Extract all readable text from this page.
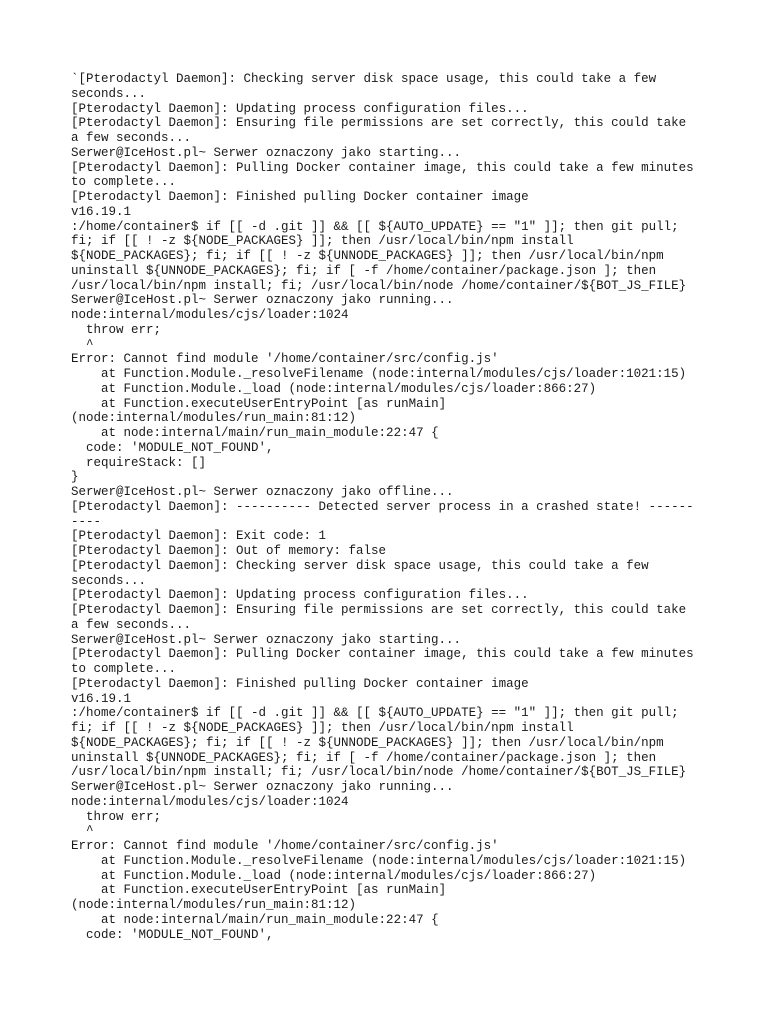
`[Pterodactyl Daemon]: Checking server disk space usage, this could take a few seconds...
[Pterodactyl Daemon]: Updating process configuration files...
[Pterodactyl Daemon]: Ensuring file permissions are set correctly, this could take a few seconds...
Serwer@IceHost.pl~ Serwer oznaczony jako starting...
[Pterodactyl Daemon]: Pulling Docker container image, this could take a few minutes to complete...
[Pterodactyl Daemon]: Finished pulling Docker container image
v16.19.1
:/home/container$ if [[ -d .git ]] && [[ ${AUTO_UPDATE} == "1" ]]; then git pull; fi; if [[ ! -z ${NODE_PACKAGES} ]]; then /usr/local/bin/npm install ${NODE_PACKAGES}; fi; if [[ ! -z ${UNNODE_PACKAGES} ]]; then /usr/local/bin/npm uninstall ${UNNODE_PACKAGES}; fi; if [ -f /home/container/package.json ]; then /usr/local/bin/npm install; fi; /usr/local/bin/node /home/container/${BOT_JS_FILE}
Serwer@IceHost.pl~ Serwer oznaczony jako running...
node:internal/modules/cjs/loader:1024
throw err;
^
Error: Cannot find module '/home/container/src/config.js'
at Function.Module._resolveFilename (node:internal/modules/cjs/loader:1021:15)
at Function.Module._load (node:internal/modules/cjs/loader:866:27)
at Function.executeUserEntryPoint [as runMain] (node:internal/modules/run_main:81:12)
at node:internal/main/run_main_module:22:47 {
code: 'MODULE_NOT_FOUND',
requireStack: []
}
Serwer@IceHost.pl~ Serwer oznaczony jako offline...
[Pterodactyl Daemon]: ---------- Detected server process in a crashed state! ----------
[Pterodactyl Daemon]: Exit code: 1
[Pterodactyl Daemon]: Out of memory: false
[Pterodactyl Daemon]: Checking server disk space usage, this could take a few seconds...
[Pterodactyl Daemon]: Updating process configuration files...
[Pterodactyl Daemon]: Ensuring file permissions are set correctly, this could take a few seconds...
Serwer@IceHost.pl~ Serwer oznaczony jako starting...
[Pterodactyl Daemon]: Pulling Docker container image, this could take a few minutes to complete...
[Pterodactyl Daemon]: Finished pulling Docker container image
v16.19.1
:/home/container$ if [[ -d .git ]] && [[ ${AUTO_UPDATE} == "1" ]]; then git pull; fi; if [[ ! -z ${NODE_PACKAGES} ]]; then /usr/local/bin/npm install ${NODE_PACKAGES}; fi; if [[ ! -z ${UNNODE_PACKAGES} ]]; then /usr/local/bin/npm uninstall ${UNNODE_PACKAGES}; fi; if [ -f /home/container/package.json ]; then /usr/local/bin/npm install; fi; /usr/local/bin/node /home/container/${BOT_JS_FILE}
Serwer@IceHost.pl~ Serwer oznaczony jako running...
node:internal/modules/cjs/loader:1024
throw err;
^
Error: Cannot find module '/home/container/src/config.js'
at Function.Module._resolveFilename (node:internal/modules/cjs/loader:1021:15)
at Function.Module._load (node:internal/modules/cjs/loader:866:27)
at Function.executeUserEntryPoint [as runMain] (node:internal/modules/run_main:81:12)
at node:internal/main/run_main_module:22:47 {
code: 'MODULE_NOT_FOUND',
